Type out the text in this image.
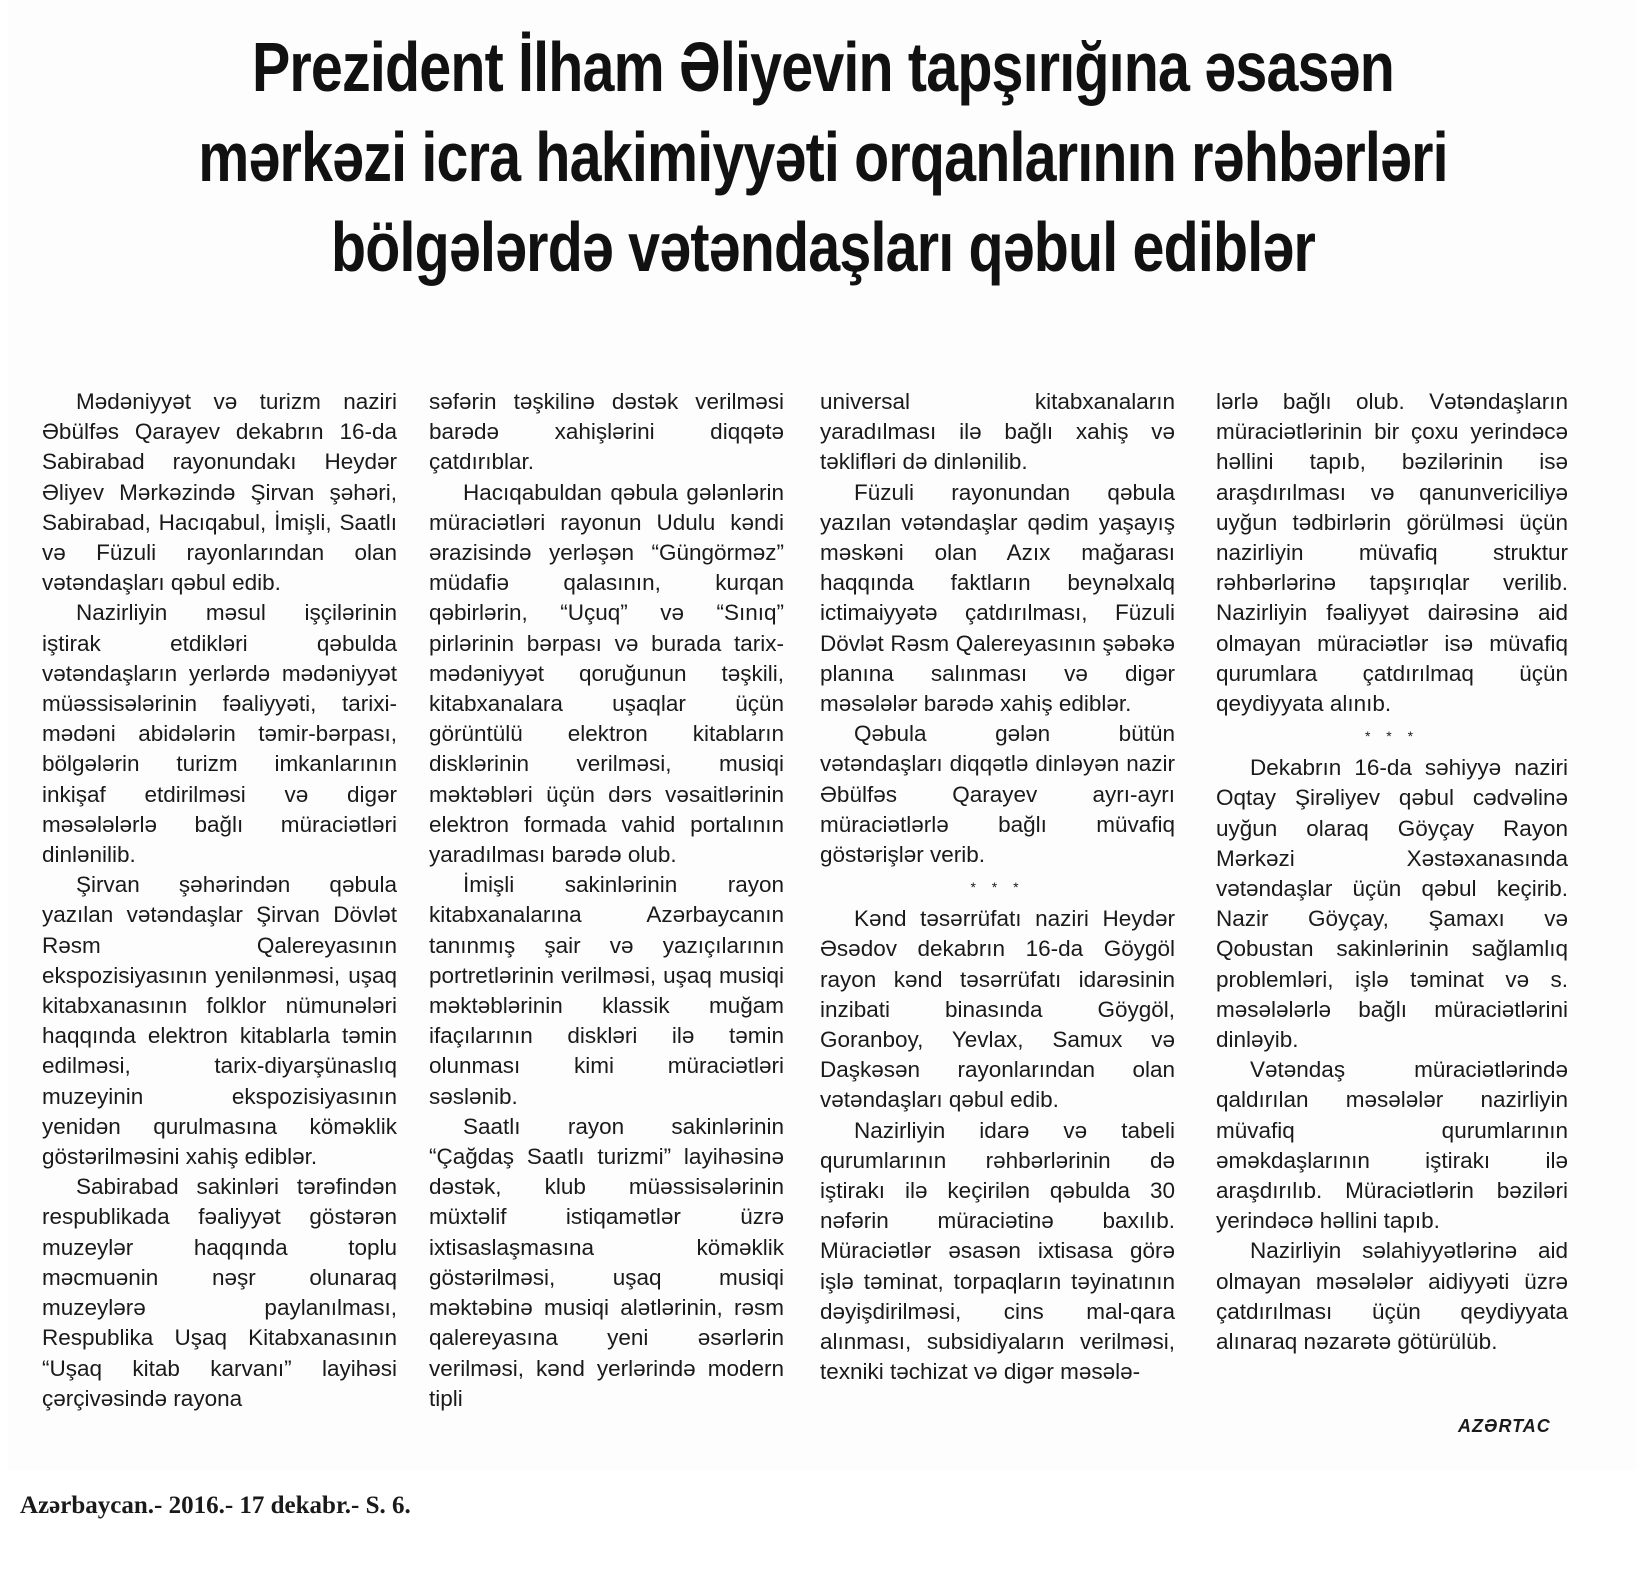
Prezident İlham Əliyevin tapşırığına əsasən
mərkəzi icra hakimiyyəti orqanlarının rəhbərləri
bölgələrdə vətəndaşları qəbul ediblər

Mədəniyyət və turizm naziri Əbülfəs Qarayev dekabrın 16-da Sabirabad rayonundakı Heydər Əliyev Mərkəzində Şirvan şəhəri, Sabirabad, Hacıqabul, İmişli, Saatlı və Füzuli rayonlarından olan vətəndaşları qəbul edib.

Nazirliyin məsul işçilərinin iştirak etdikləri qəbulda vətəndaşların yerlərdə mədəniyyət müəssisələrinin fəaliyyəti, tarixi-mədəni abidələrin təmir-bərpası, bölgələrin turizm imkanlarının inkişaf etdirilməsi və digər məsələlərlə bağlı müraciətləri dinlənilib.

Şirvan şəhərindən qəbula yazılan vətəndaşlar Şirvan Dövlət Rəsm Qalereyasının ekspozisiyasının yenilənməsi, uşaq kitabxanasının folklor nümunələri haqqında elektron kitablarla təmin edilməsi, tarix-diyarşünaslıq muzeyinin ekspozisiyasının yenidən qurulmasına köməklik göstərilməsini xahiş ediblər.

Sabirabad sakinləri tərəfindən respublikada fəaliyyət göstərən muzeylər haqqında toplu məcmuənin nəşr olunaraq muzeylərə paylanılması, Respublika Uşaq Kitabxanasının “Uşaq kitab karvanı” layihəsi çərçivəsində rayona

səfərin təşkilinə dəstək verilməsi barədə xahişlərini diqqətə çatdırıblar.

Hacıqabuldan qəbula gələnlərin müraciətləri rayonun Udulu kəndi ərazisində yerləşən “Güngörməz” müdafiə qalasının, kurqan qəbirlərin, “Uçuq” və “Sınıq” pirlərinin bərpası və burada tarix-mədəniyyət qoruğunun təşkili, kitabxanalara uşaqlar üçün görüntülü elektron kitabların disklərinin verilməsi, musiqi məktəbləri üçün dərs vəsaitlərinin elektron formada vahid portalının yaradılması barədə olub.

İmişli sakinlərinin rayon kitabxanalarına Azərbaycanın tanınmış şair və yazıçılarının portretlərinin verilməsi, uşaq musiqi məktəblərinin klassik muğam ifaçılarının diskləri ilə təmin olunması kimi müraciətləri səslənib.

Saatlı rayon sakinlərinin “Çağdaş Saatlı turizmi” layihəsinə dəstək, klub müəssisələrinin müxtəlif istiqamətlər üzrə ixtisaslaşmasına köməklik göstərilməsi, uşaq musiqi məktəbinə musiqi alətlərinin, rəsm qalereyasına yeni əsərlərin verilməsi, kənd yerlərində modern tipli

universal kitabxanaların yaradılması ilə bağlı xahiş və təklifləri də dinlənilib.

Füzuli rayonundan qəbula yazılan vətəndaşlar qədim yaşayış məskəni olan Azıx mağarası haqqında faktların beynəlxalq ictimaiyyətə çatdırılması, Füzuli Dövlət Rəsm Qalereyasının şəbəkə planına salınması və digər məsələlər barədə xahiş ediblər.

Qəbula gələn bütün vətəndaşları diqqətlə dinləyən nazir Əbülfəs Qarayev ayrı-ayrı müraciətlərlə bağlı müvafiq göstərişlər verib.

* * *

Kənd təsərrüfatı naziri Heydər Əsədov dekabrın 16-da Göygöl rayon kənd təsərrüfatı idarəsinin inzibati binasında Göygöl, Goranboy, Yevlax, Samux və Daşkəsən rayonlarından olan vətəndaşları qəbul edib.

Nazirliyin idarə və tabeli qurumlarının rəhbərlərinin də iştirakı ilə keçirilən qəbulda 30 nəfərin müraciətinə baxılıb. Müraciətlər əsasən ixtisasa görə işlə təminat, torpaqların təyinatının dəyişdirilməsi, cins mal-qara alınması, subsidiyaların verilməsi, texniki təchizat və digər məsələ-

lərlə bağlı olub. Vətəndaşların müraciətlərinin bir çoxu yerindəcə həllini tapıb, bəzilərinin isə araşdırılması və qanunvericiliyə uyğun tədbirlərin görülməsi üçün nazirliyin müvafiq struktur rəhbərlərinə tapşırıqlar verilib. Nazirliyin fəaliyyət dairəsinə aid olmayan müraciətlər isə müvafiq qurumlara çatdırılmaq üçün qeydiyyata alınıb.

* * *

Dekabrın 16-da səhiyyə naziri Oqtay Şirəliyev qəbul cədvəlinə uyğun olaraq Göyçay Rayon Mərkəzi Xəstəxanasında vətəndaşlar üçün qəbul keçirib. Nazir Göyçay, Şamaxı və Qobustan sakinlərinin sağlamlıq problemləri, işlə təminat və s. məsələlərlə bağlı müraciətlərini dinləyib.

Vətəndaş müraciətlərində qaldırılan məsələlər nazirliyin müvafiq qurumlarının əməkdaşlarının iştirakı ilə araşdırılıb. Müraciətlərin bəziləri yerindəcə həllini tapıb.

Nazirliyin səlahiyyətlərinə aid olmayan məsələlər aidiyyəti üzrə çatdırılması üçün qeydiyyata alınaraq nəzarətə götürülüb.

AZƏRTAC
Azərbaycan.- 2016.- 17 dekabr.- S. 6.
